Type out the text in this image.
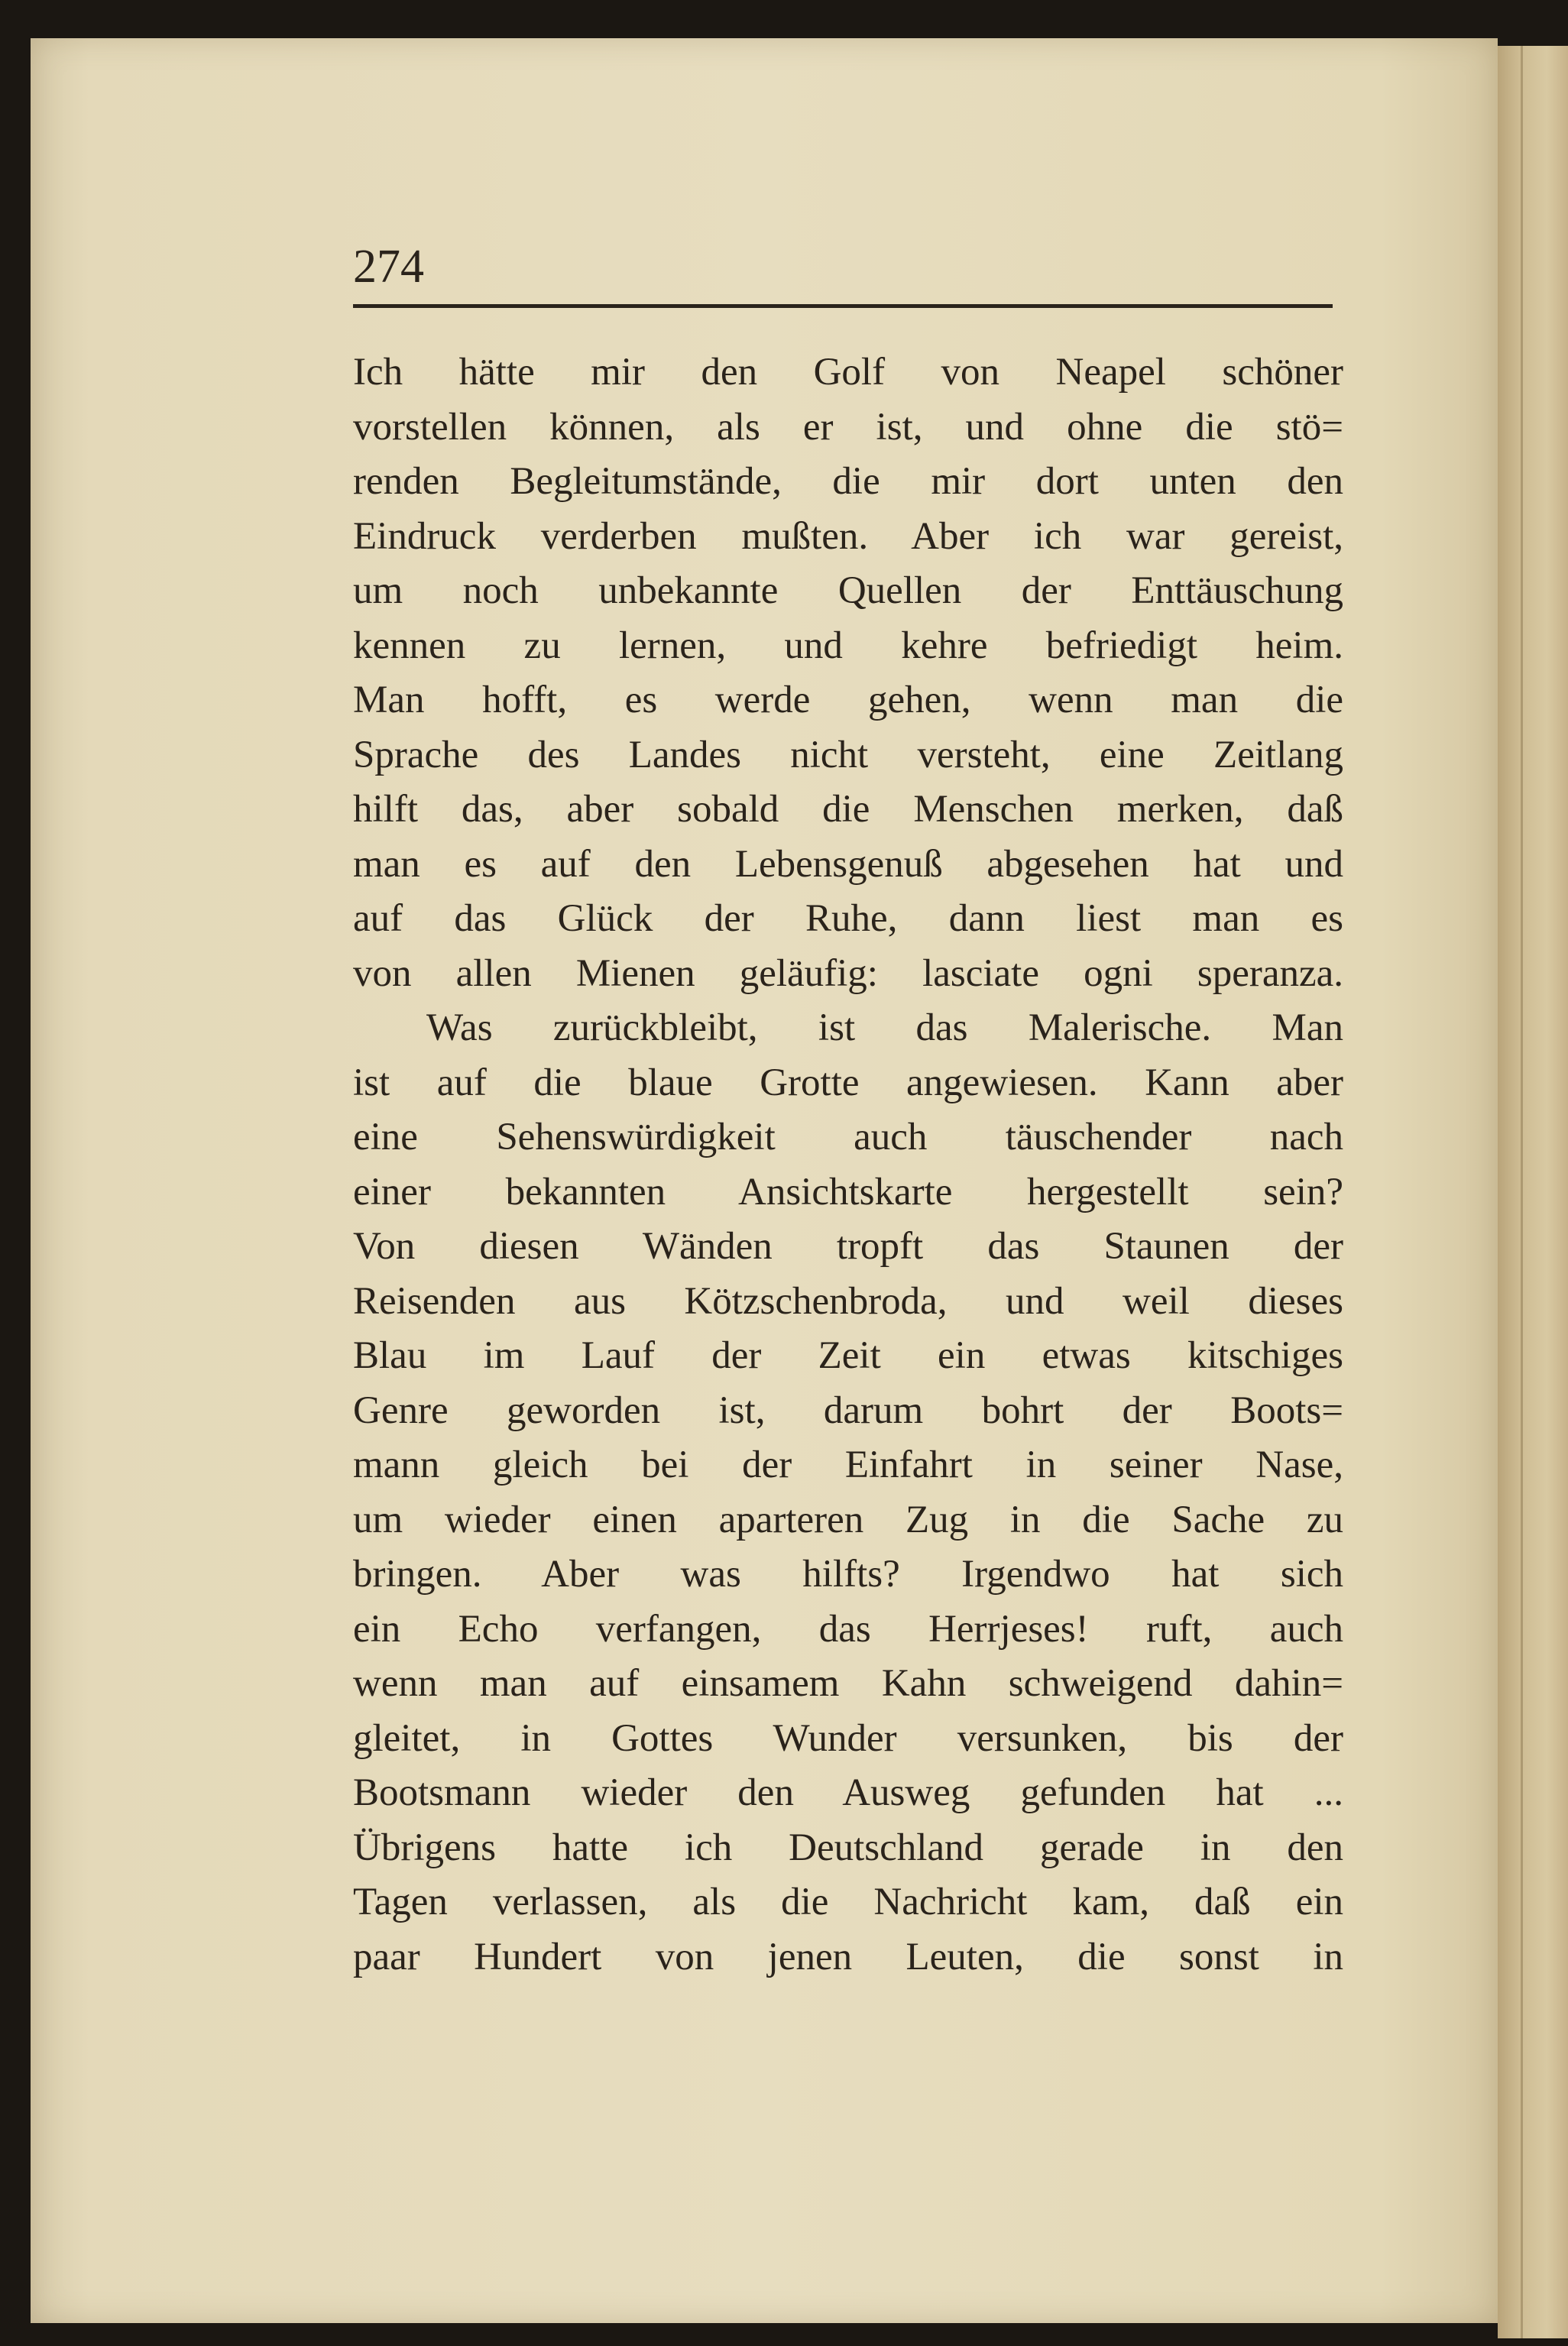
274
Ich hätte mir den Golf von Neapel schöner
vorstellen können, als er ist, und ohne die stö=
renden Begleitumstände, die mir dort unten den
Eindruck verderben mußten. Aber ich war gereist,
um noch unbekannte Quellen der Enttäuschung
kennen zu lernen, und kehre befriedigt heim.
Man hofft, es werde gehen, wenn man die
Sprache des Landes nicht versteht, eine Zeitlang
hilft das, aber sobald die Menschen merken, daß
man es auf den Lebensgenuß abgesehen hat und
auf das Glück der Ruhe, dann liest man es
von allen Mienen geläufig: lasciate ogni speranza.
Was zurückbleibt, ist das Malerische. Man
ist auf die blaue Grotte angewiesen. Kann aber
eine Sehenswürdigkeit auch täuschender nach
einer bekannten Ansichtskarte hergestellt sein?
Von diesen Wänden tropft das Staunen der
Reisenden aus Kötzschenbroda, und weil dieses
Blau im Lauf der Zeit ein etwas kitschiges
Genre geworden ist, darum bohrt der Boots=
mann gleich bei der Einfahrt in seiner Nase,
um wieder einen aparteren Zug in die Sache zu
bringen. Aber was hilfts? Irgendwo hat sich
ein Echo verfangen, das Herrjeses! ruft, auch
wenn man auf einsamem Kahn schweigend dahin=
gleitet, in Gottes Wunder versunken, bis der
Bootsmann wieder den Ausweg gefunden hat ...
Übrigens hatte ich Deutschland gerade in den
Tagen verlassen, als die Nachricht kam, daß ein
paar Hundert von jenen Leuten, die sonst in
